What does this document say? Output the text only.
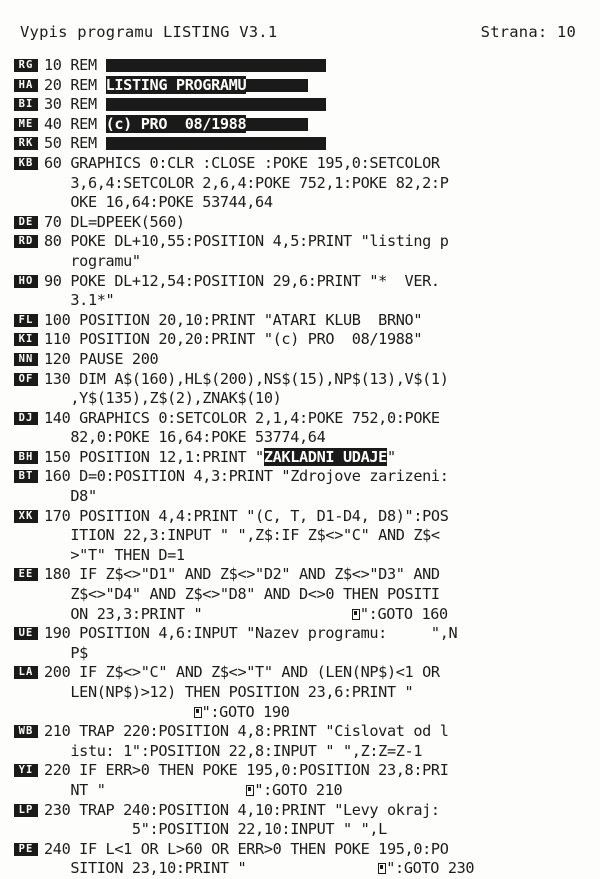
Vypis programu LISTING V3.1	Strana: 10
RG 10 REM
HA 20 REM LISTING PROGRAMU
BI 30 REM
ME 40 REM (c) PRO  08/1988
RK 50 REM
KB 60 GRAPHICS 0:CLR :CLOSE :POKE 195,0:SETCOLOR
3,6,4:SETCOLOR 2,6,4:POKE 752,1:POKE 82,2:P
OKE 16,64:POKE 53744,64
DE 70 DL=DPEEK(560)
RD 80 POKE DL+10,55:POSITION 4,5:PRINT "listing p
rogramu"
HO 90 POKE DL+12,54:POSITION 29,6:PRINT "*  VER.
3.1*"
FL 100 POSITION 20,10:PRINT "ATARI KLUB  BRNO"
KI 110 POSITION 20,20:PRINT "(c) PRO  08/1988"
NN 120 PAUSE 200
OF 130 DIM A$(160),HL$(200),NS$(15),NP$(13),V$(1)
,Y$(135),Z$(2),ZNAK$(10)
DJ 140 GRAPHICS 0:SETCOLOR 2,1,4:POKE 752,0:POKE
82,0:POKE 16,64:POKE 53774,64
BH 150 POSITION 12,1:PRINT "ZAKLADNI UDAJE"
BT 160 D=0:POSITION 4,3:PRINT "Zdrojove zarizeni:
D8"
XK 170 POSITION 4,4:PRINT "(C, T, D1-D4, D8)":POS
ITION 22,3:INPUT " ",Z$:IF Z$<>"C" AND Z$<
>"T" THEN D=1
EE 180 IF Z$<>"D1" AND Z$<>"D2" AND Z$<>"D3" AND
Z$<>"D4" AND Z$<>"D8" AND D<>0 THEN POSITI
ON 23,3:PRINT "	":GOTO 160
UE 190 POSITION 4,6:INPUT "Nazev programu:     ",N
P$
LA 200 IF Z$<>"C" AND Z$<>"T" AND (LEN(NP$)<1 OR
LEN(NP$)>12) THEN POSITION 23,6:PRINT "
":GOTO 190
WB 210 TRAP 220:POSITION 4,8:PRINT "Cislovat od l
istu: 1":POSITION 22,8:INPUT " ",Z:Z=Z-1
YI 220 IF ERR>0 THEN POKE 195,0:POSITION 23,8:PRI
NT "	":GOTO 210
LP 230 TRAP 240:POSITION 4,10:PRINT "Levy okraj:
5":POSITION 22,10:INPUT " ",L
PE 240 IF L<1 OR L>60 OR ERR>0 THEN POKE 195,0:PO
SITION 23,10:PRINT "	":GOTO 230
